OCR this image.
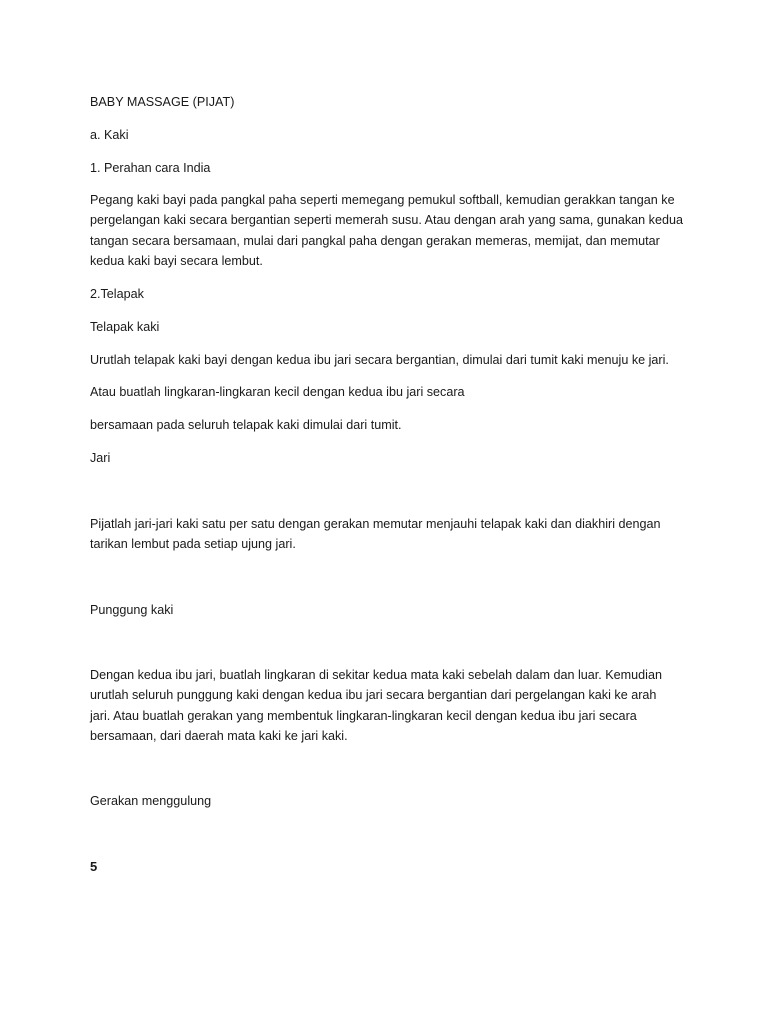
BABY MASSAGE (PIJAT)

a. Kaki

1. Perahan cara India

Pegang kaki bayi pada pangkal paha seperti memegang pemukul softball, kemudian gerakkan tangan ke
pergelangan kaki secara bergantian seperti memerah susu. Atau dengan arah yang sama, gunakan kedua
tangan secara bersamaan, mulai dari pangkal paha dengan gerakan memeras, memijat, dan memutar
kedua kaki bayi secara lembut.

2.Telapak

Telapak kaki

Urutlah telapak kaki bayi dengan kedua ibu jari secara bergantian, dimulai dari tumit kaki menuju ke jari.

Atau buatlah lingkaran-lingkaran kecil dengan kedua ibu jari secara

bersamaan pada seluruh telapak kaki dimulai dari tumit.

Jari

Pijatlah jari-jari kaki satu per satu dengan gerakan memutar menjauhi telapak kaki dan diakhiri dengan
tarikan lembut pada setiap ujung jari.

Punggung kaki

Dengan kedua ibu jari, buatlah lingkaran di sekitar kedua mata kaki sebelah dalam dan luar. Kemudian
urutlah seluruh punggung kaki dengan kedua ibu jari secara bergantian dari pergelangan kaki ke arah
jari. Atau buatlah gerakan yang membentuk lingkaran-lingkaran kecil dengan kedua ibu jari secara
bersamaan, dari daerah mata kaki ke jari kaki.

Gerakan menggulung

5
